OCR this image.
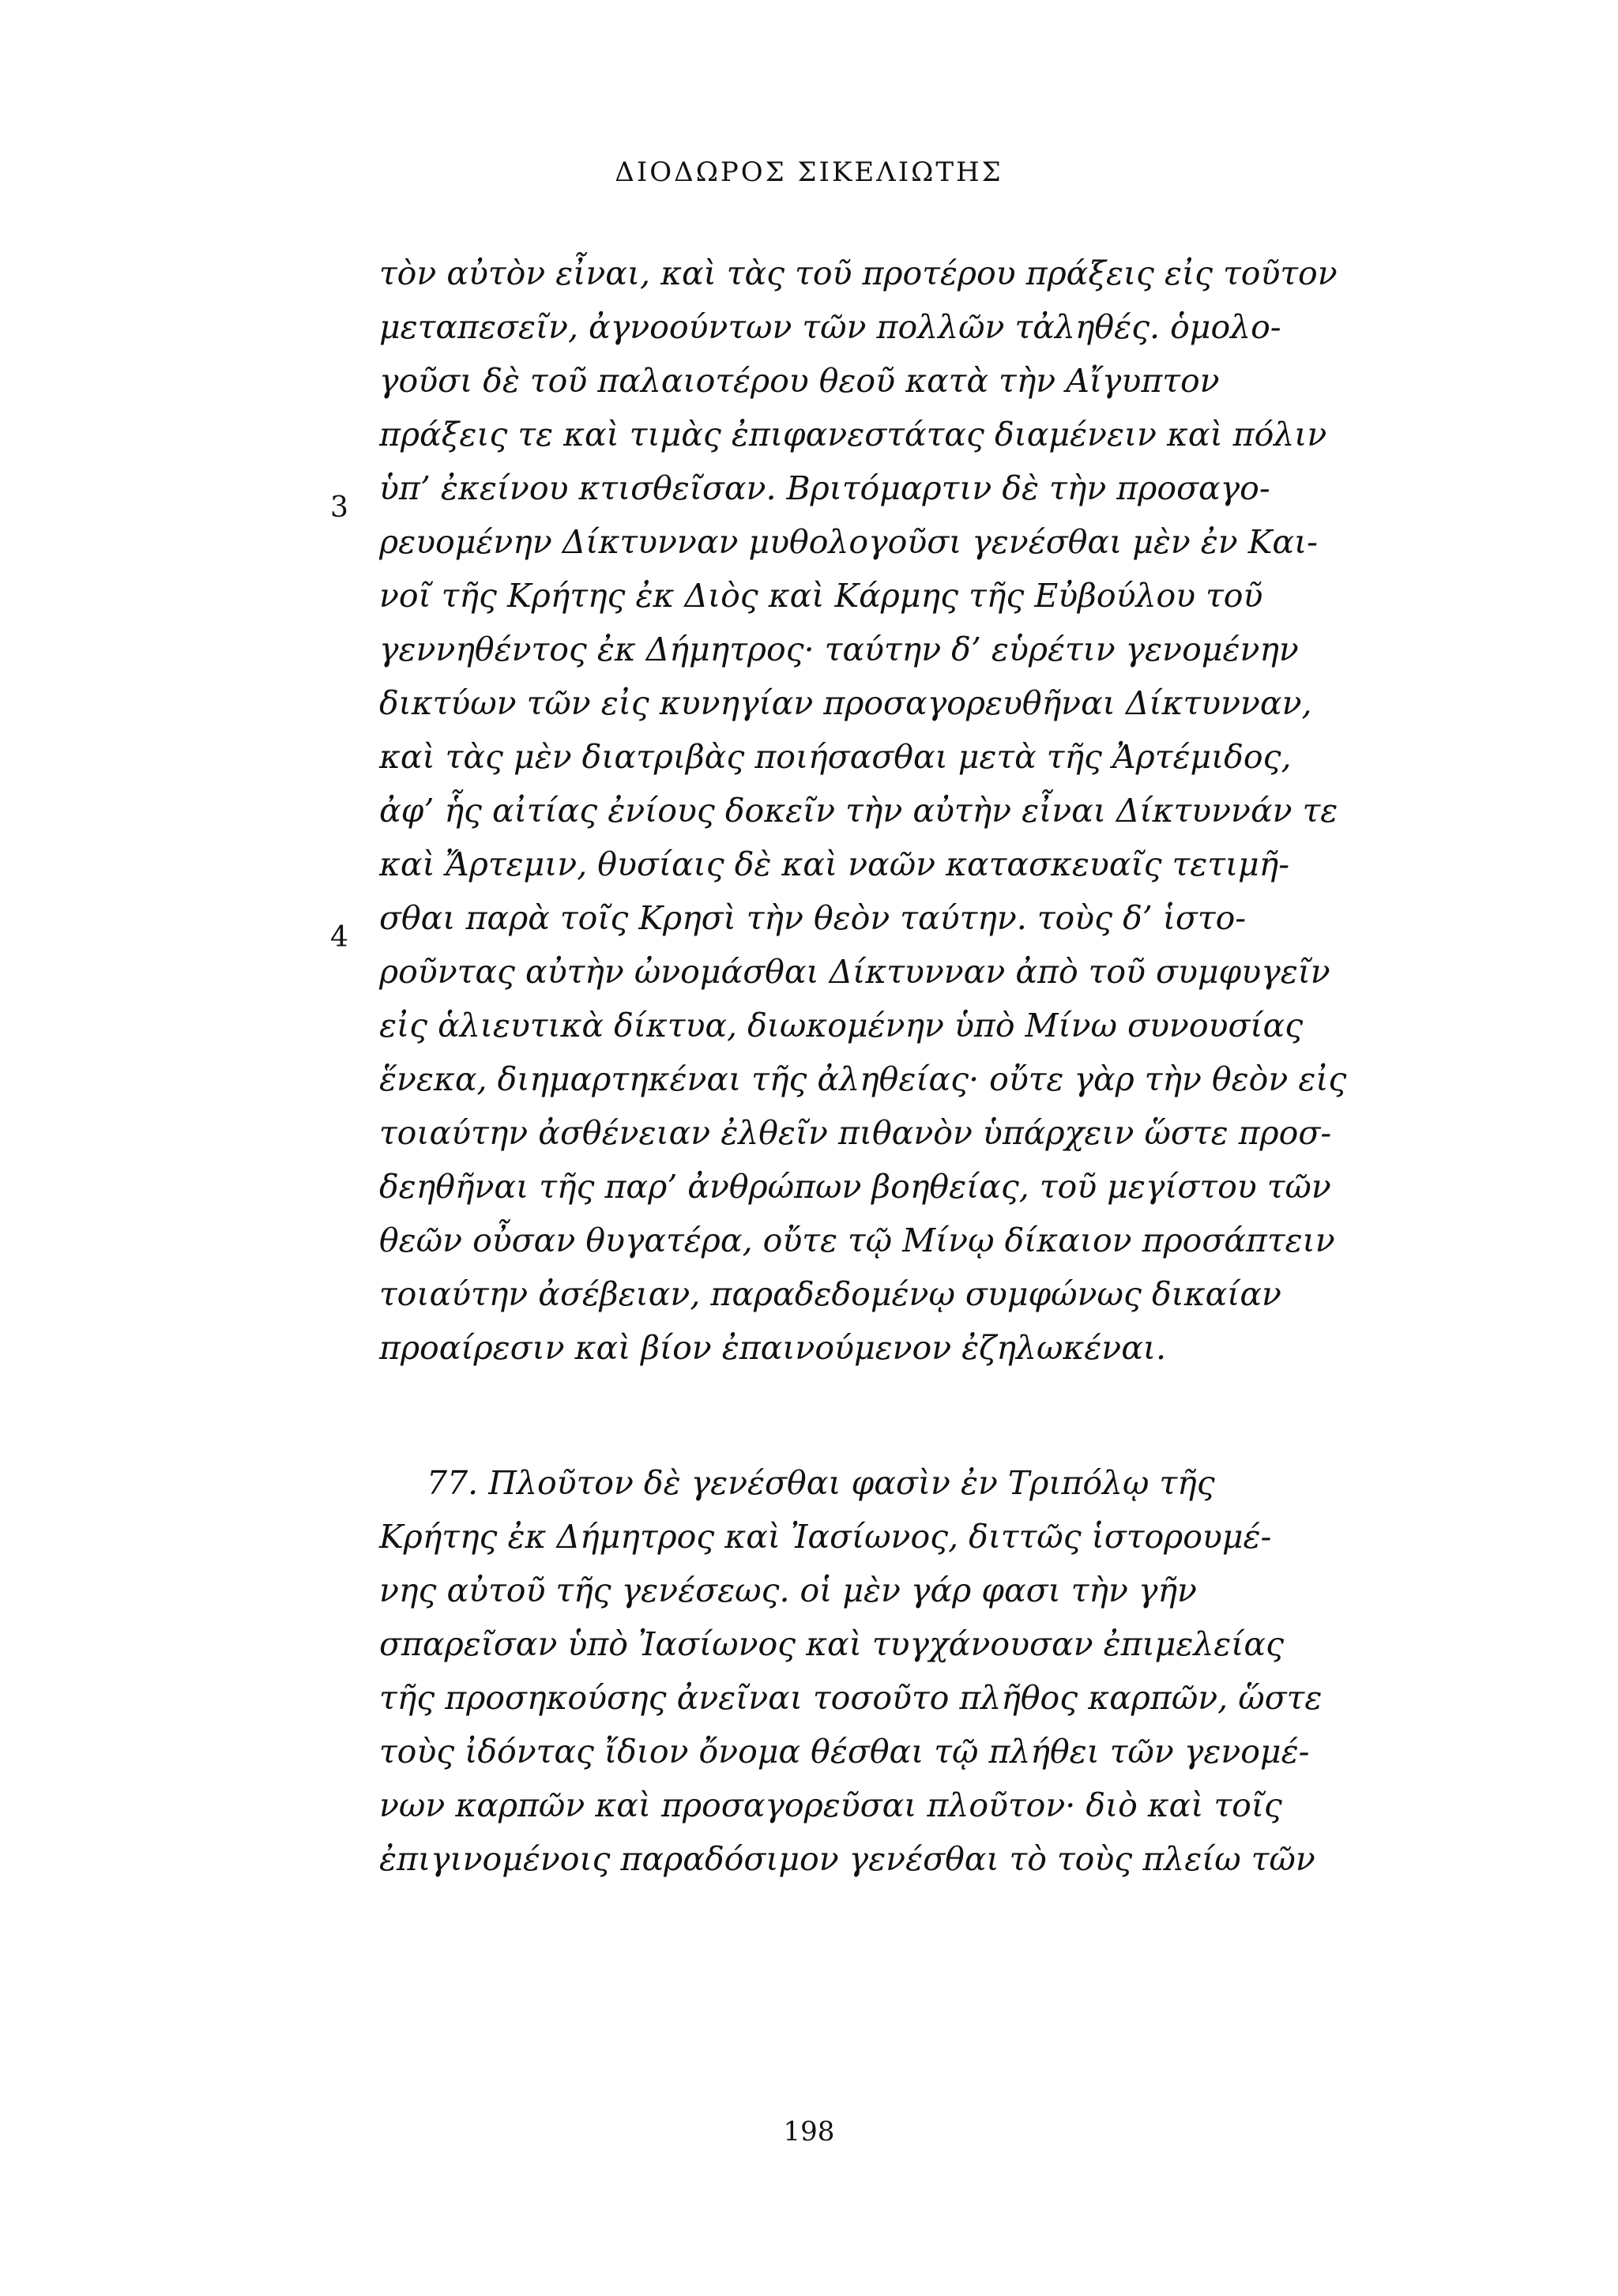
ΔΙΟΔΩΡΟΣ ΣΙΚΕΛΙΩΤΗΣ
3
4
τὸν αὐτὸν εἶναι, καὶ τὰς τοῦ προτέρου πράξεις εἰς τοῦτον
μεταπεσεῖν, ἀγνοούντων τῶν πολλῶν τἀληθές. ὁμολο-
γοῦσι δὲ τοῦ παλαιοτέρου θεοῦ κατὰ τὴν Αἴγυπτον
πράξεις τε καὶ τιμὰς ἐπιφανεστάτας διαμένειν καὶ πόλιν
ὑπ’ ἐκείνου κτισθεῖσαν. Βριτόμαρτιν δὲ τὴν προσαγο-
ρευομένην Δίκτυνναν μυθολογοῦσι γενέσθαι μὲν ἐν Και-
νοῖ τῆς Κρήτης ἐκ Διὸς καὶ Κάρμης τῆς Εὐβούλου τοῦ
γεννηθέντος ἐκ Δήμητρος· ταύτην δ’ εὑρέτιν γενομένην
δικτύων τῶν εἰς κυνηγίαν προσαγορευθῆναι Δίκτυνναν,
καὶ τὰς μὲν διατριβὰς ποιήσασθαι μετὰ τῆς Ἀρτέμιδος,
ἀφ’ ἧς αἰτίας ἐνίους δοκεῖν τὴν αὐτὴν εἶναι Δίκτυννάν τε
καὶ Ἄρτεμιν, θυσίαις δὲ καὶ ναῶν κατασκευαῖς τετιμῆ-
σθαι παρὰ τοῖς Κρησὶ τὴν θεὸν ταύτην. τοὺς δ’ ἱστο-
ροῦντας αὐτὴν ὠνομάσθαι Δίκτυνναν ἀπὸ τοῦ συμφυγεῖν
εἰς ἁλιευτικὰ δίκτυα, διωκομένην ὑπὸ Μίνω συνουσίας
ἕνεκα, διημαρτηκέναι τῆς ἀληθείας· οὔτε γὰρ τὴν θεὸν εἰς
τοιαύτην ἀσθένειαν ἐλθεῖν πιθανὸν ὑπάρχειν ὥστε προσ-
δεηθῆναι τῆς παρ’ ἀνθρώπων βοηθείας, τοῦ μεγίστου τῶν
θεῶν οὖσαν θυγατέρα, οὔτε τῷ Μίνῳ δίκαιον προσάπτειν
τοιαύτην ἀσέβειαν, παραδεδομένῳ συμφώνως δικαίαν
προαίρεσιν καὶ βίον ἐπαινούμενον ἐζηλωκέναι.
77. Πλοῦτον δὲ γενέσθαι φασὶν ἐν Τριπόλῳ τῆς
Κρήτης ἐκ Δήμητρος καὶ Ἰασίωνος, διττῶς ἱστορουμέ-
νης αὐτοῦ τῆς γενέσεως. οἱ μὲν γάρ φασι τὴν γῆν
σπαρεῖσαν ὑπὸ Ἰασίωνος καὶ τυγχάνουσαν ἐπιμελείας
τῆς προσηκούσης ἀνεῖναι τοσοῦτο πλῆθος καρπῶν, ὥστε
τοὺς ἰδόντας ἴδιον ὄνομα θέσθαι τῷ πλήθει τῶν γενομέ-
νων καρπῶν καὶ προσαγορεῦσαι πλοῦτον· διὸ καὶ τοῖς
ἐπιγινομένοις παραδόσιμον γενέσθαι τὸ τοὺς πλείω τῶν
198
